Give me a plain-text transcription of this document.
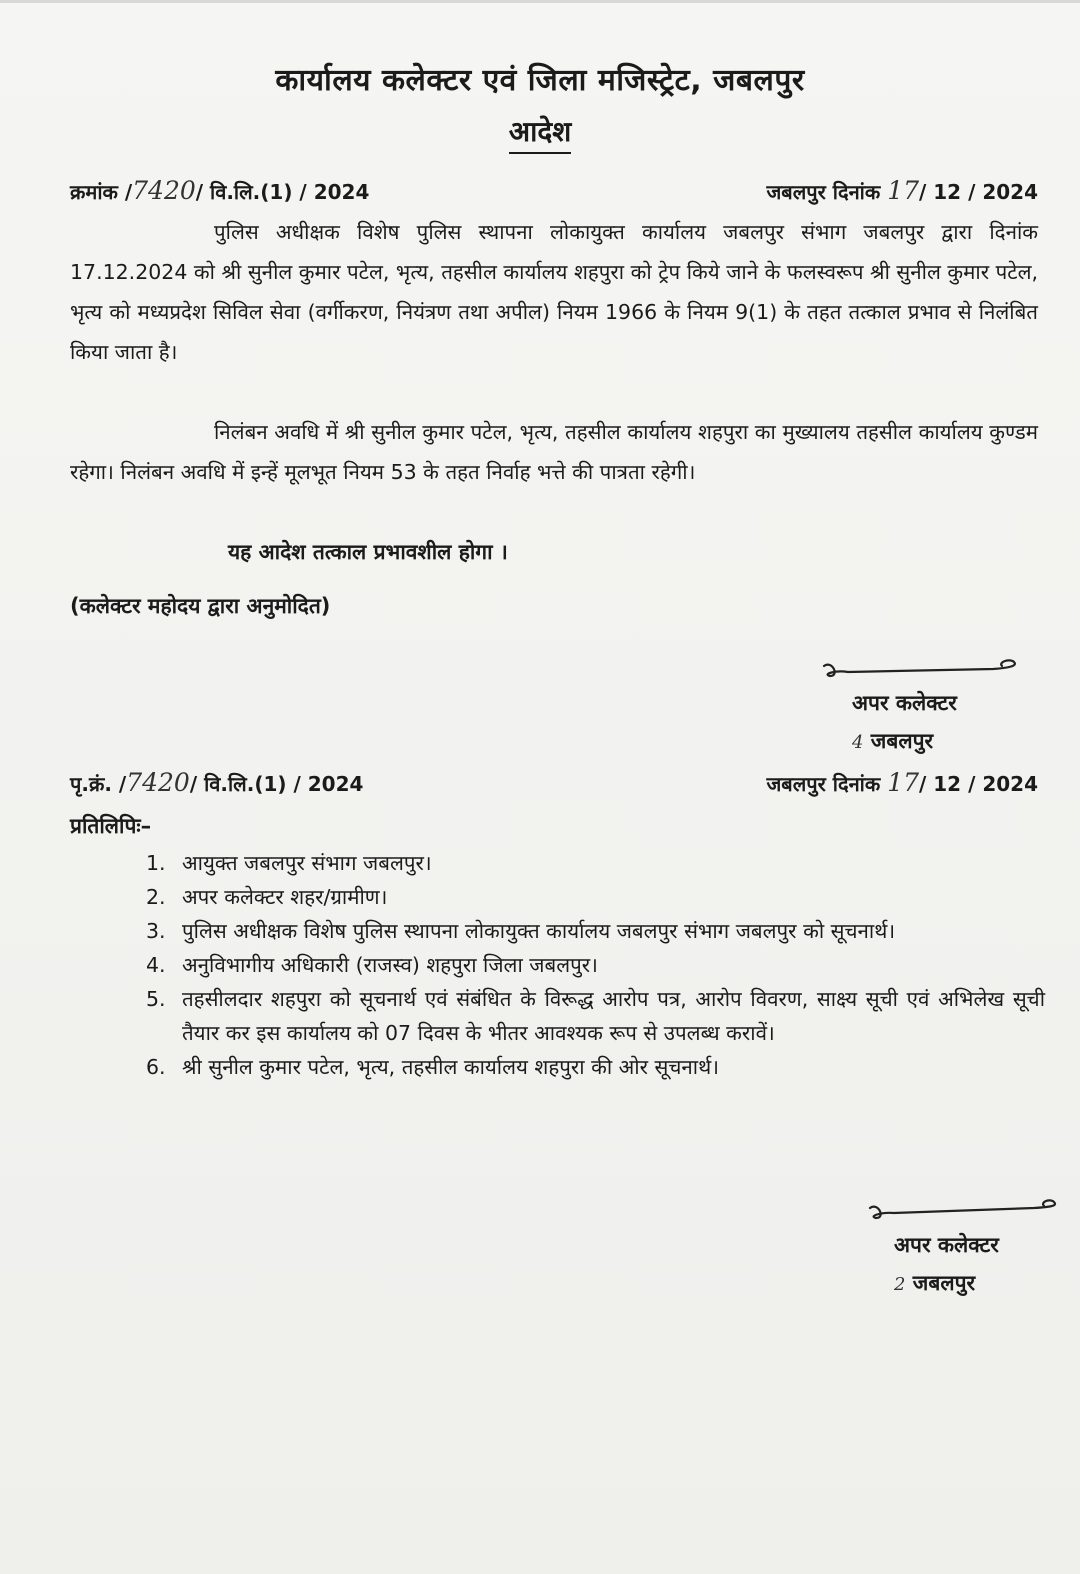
कार्यालय कलेक्टर एवं जिला मजिस्ट्रेट, जबलपुर
आदेश
क्रमांक /7420/ वि.लि.(1) / 2024	जबलपुर दिनांक 17/ 12 / 2024
पुलिस अधीक्षक विशेष पुलिस स्थापना लोकायुक्त कार्यालय जबलपुर संभाग जबलपुर द्वारा दिनांक 17.12.2024 को श्री सुनील कुमार पटेल, भृत्य, तहसील कार्यालय शहपुरा को ट्रेप किये जाने के फलस्वरूप श्री सुनील कुमार पटेल, भृत्य को मध्यप्रदेश सिविल सेवा (वर्गीकरण, नियंत्रण तथा अपील) नियम 1966 के नियम 9(1) के तहत तत्काल प्रभाव से निलंबित किया जाता है।
निलंबन अवधि में श्री सुनील कुमार पटेल, भृत्य, तहसील कार्यालय शहपुरा का मुख्यालय तहसील कार्यालय कुण्डम रहेगा। निलंबन अवधि में इन्हें मूलभूत नियम 53 के तहत निर्वाह भत्ते की पात्रता रहेगी।
यह आदेश तत्काल प्रभावशील होगा ।
(कलेक्टर महोदय द्वारा अनुमोदित)
अपर कलेक्टर
4 जबलपुर
पृ.क्रं. /7420/ वि.लि.(1) / 2024	जबलपुर दिनांक 17/ 12 / 2024
प्रतिलिपिः–
1. आयुक्त जबलपुर संभाग जबलपुर।
2. अपर कलेक्टर शहर/ग्रामीण।
3. पुलिस अधीक्षक विशेष पुलिस स्थापना लोकायुक्त कार्यालय जबलपुर संभाग जबलपुर को सूचनार्थ।
4. अनुविभागीय अधिकारी (राजस्व) शहपुरा जिला जबलपुर।
5. तहसीलदार शहपुरा को सूचनार्थ एवं संबंधित के विरूद्ध आरोप पत्र, आरोप विवरण, साक्ष्य सूची एवं अभिलेख सूची तैयार कर इस कार्यालय को 07 दिवस के भीतर आवश्यक रूप से उपलब्ध करावें।
6. श्री सुनील कुमार पटेल, भृत्य, तहसील कार्यालय शहपुरा की ओर सूचनार्थ।
अपर कलेक्टर
2 जबलपुर
